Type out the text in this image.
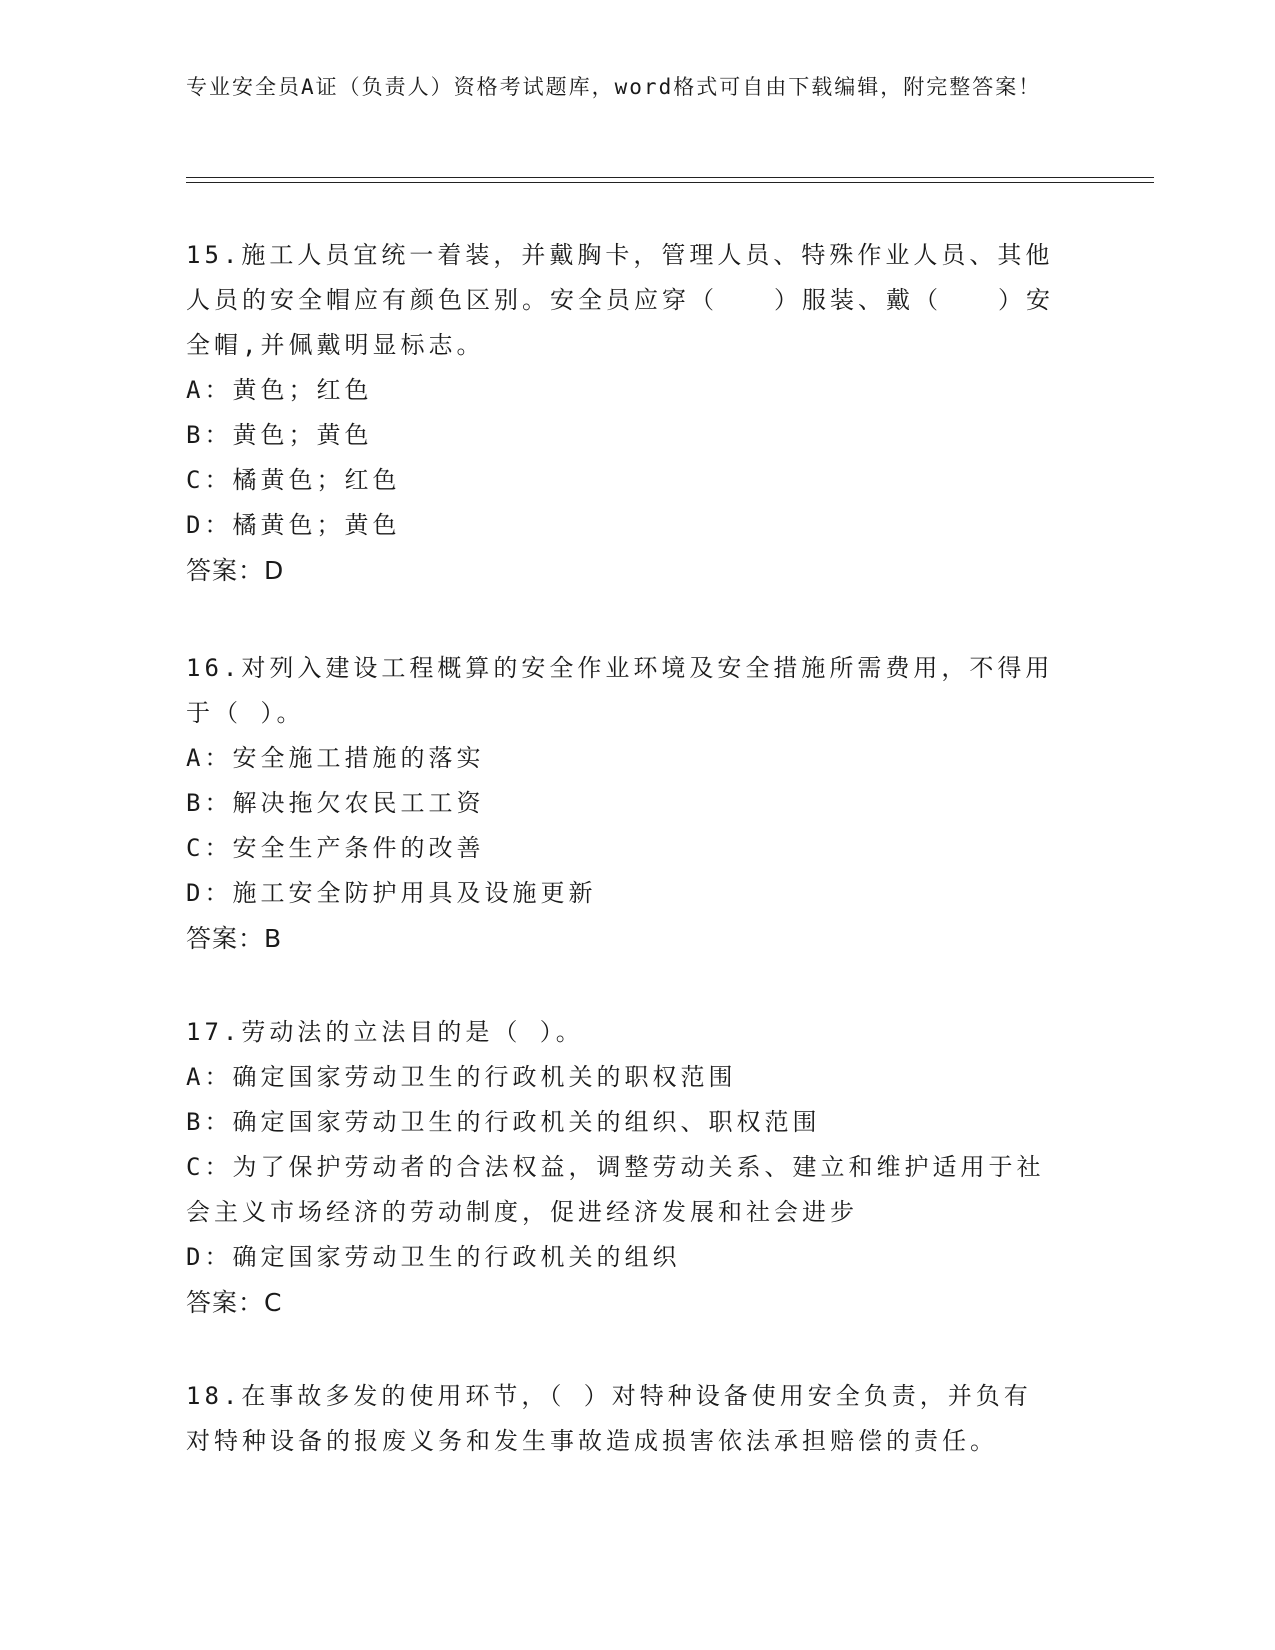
专业安全员A证（负责人）资格考试题库，word格式可自由下载编辑，附完整答案！
15.施工人员宜统一着装，并戴胸卡，管理人员、特殊作业人员、其他
人员的安全帽应有颜色区别。安全员应穿（　　）服装、戴（　　）安
全帽,并佩戴明显标志。
A：黄色；红色
B：黄色；黄色
C：橘黄色；红色
D：橘黄色；黄色
答案：D
16.对列入建设工程概算的安全作业环境及安全措施所需费用，不得用
于（ ）。
A：安全施工措施的落实
B：解决拖欠农民工工资
C：安全生产条件的改善
D：施工安全防护用具及设施更新
答案：B
17.劳动法的立法目的是（ ）。
A：确定国家劳动卫生的行政机关的职权范围
B：确定国家劳动卫生的行政机关的组织、职权范围
C：为了保护劳动者的合法权益，调整劳动关系、建立和维护适用于社
会主义市场经济的劳动制度，促进经济发展和社会进步
D：确定国家劳动卫生的行政机关的组织
答案：C
18.在事故多发的使用环节，（ ）对特种设备使用安全负责，并负有
对特种设备的报废义务和发生事故造成损害依法承担赔偿的责任。
